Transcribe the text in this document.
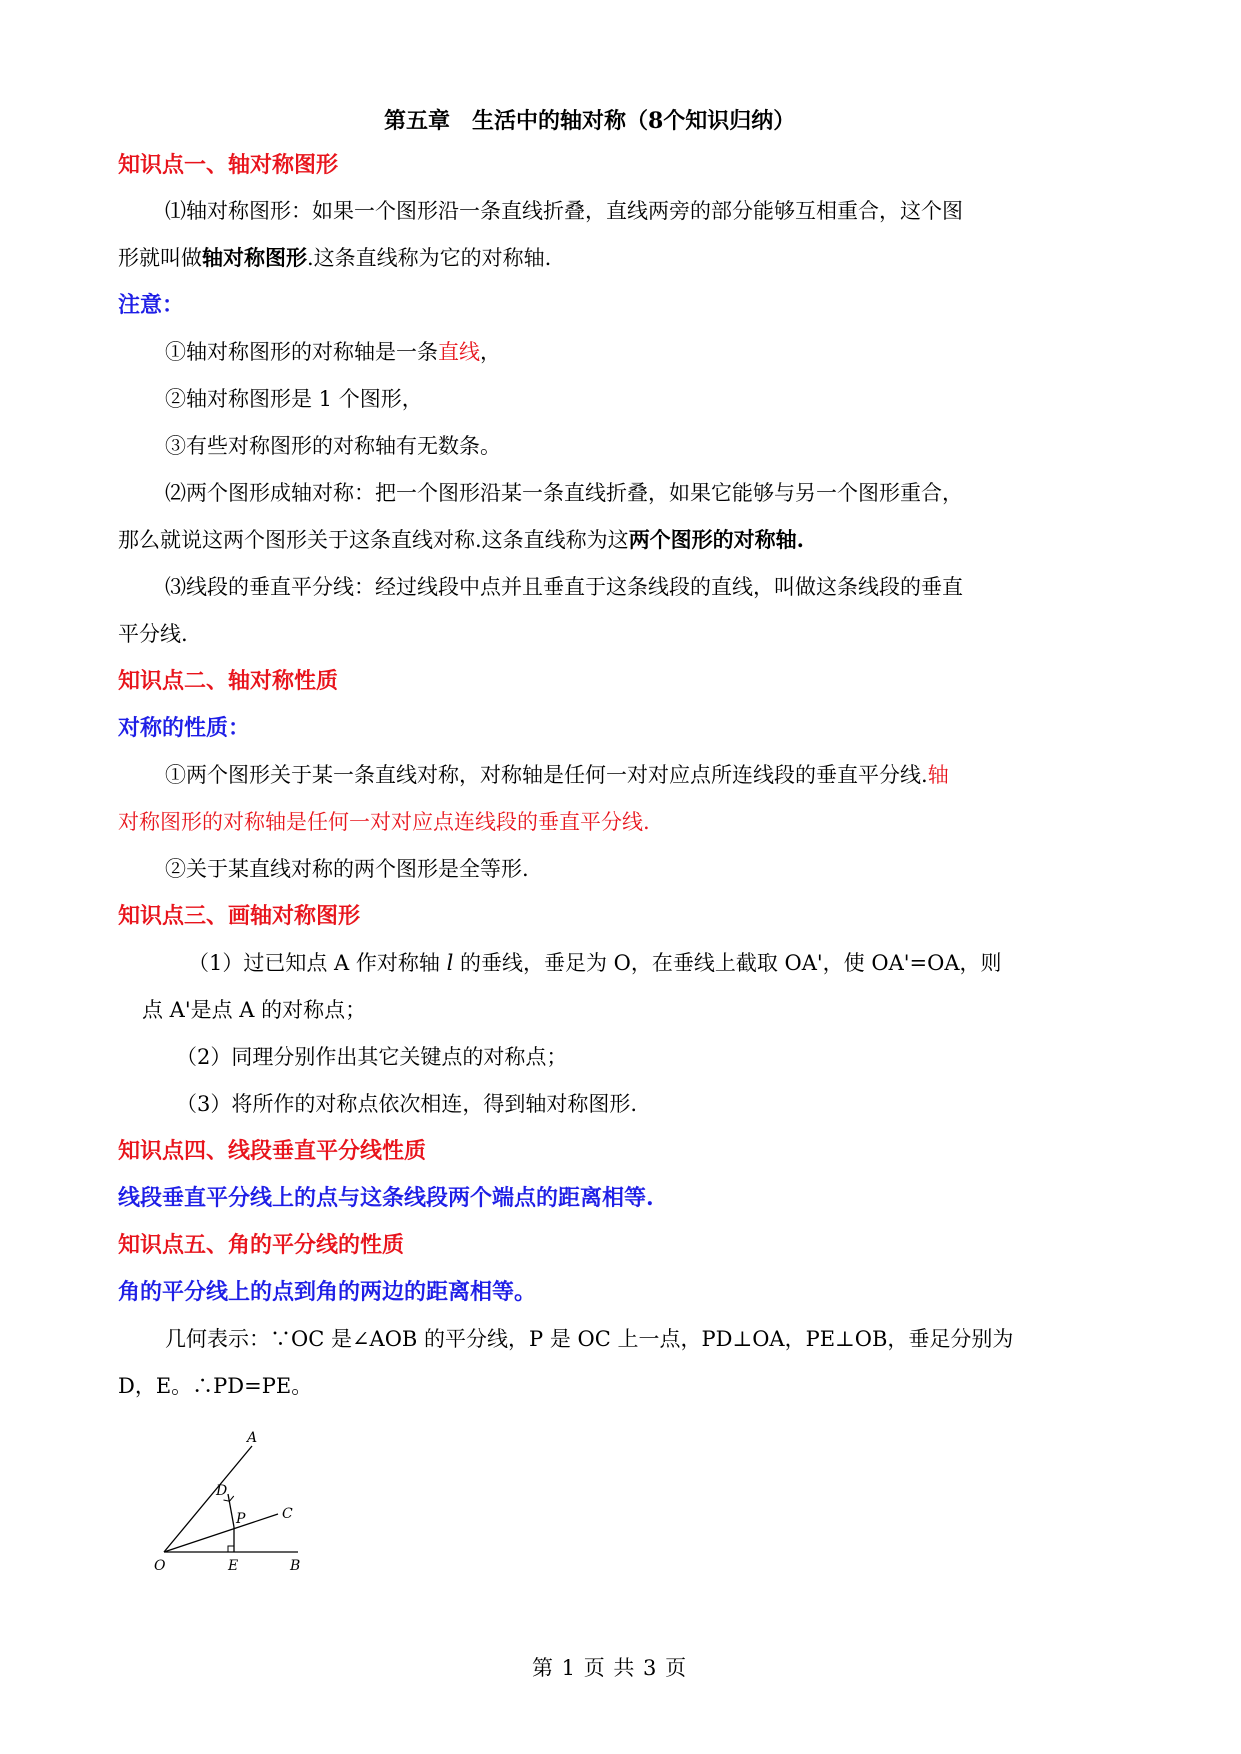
第五章　生活中的轴对称（8个知识归纳）
知识点一、轴对称图形
⑴轴对称图形：如果一个图形沿一条直线折叠，直线两旁的部分能够互相重合，这个图
形就叫做轴对称图形.这条直线称为它的对称轴.
注意：
①轴对称图形的对称轴是一条直线，
②轴对称图形是 1 个图形，
③有些对称图形的对称轴有无数条。
⑵两个图形成轴对称：把一个图形沿某一条直线折叠，如果它能够与另一个图形重合，
那么就说这两个图形关于这条直线对称.这条直线称为这两个图形的对称轴.
⑶线段的垂直平分线：经过线段中点并且垂直于这条线段的直线，叫做这条线段的垂直
平分线.
知识点二、轴对称性质
对称的性质：
①两个图形关于某一条直线对称，对称轴是任何一对对应点所连线段的垂直平分线.轴
对称图形的对称轴是任何一对对应点连线段的垂直平分线.
②关于某直线对称的两个图形是全等形.
知识点三、画轴对称图形
（1）过已知点 A 作对称轴 l 的垂线，垂足为 O，在垂线上截取 OA'，使 OA'=OA，则
点 A'是点 A 的对称点；
（2）同理分别作出其它关键点的对称点；
（3）将所作的对称点依次相连，得到轴对称图形.
知识点四、线段垂直平分线性质
线段垂直平分线上的点与这条线段两个端点的距离相等.
知识点五、角的平分线的性质
角的平分线上的点到角的两边的距离相等。
几何表示：∵OC 是∠AOB 的平分线，P 是 OC 上一点，PD⊥OA，PE⊥OB，垂足分别为
D，E。∴PD=PE。
A
D
P	C
O	E	B
第 1 页 共 3 页
